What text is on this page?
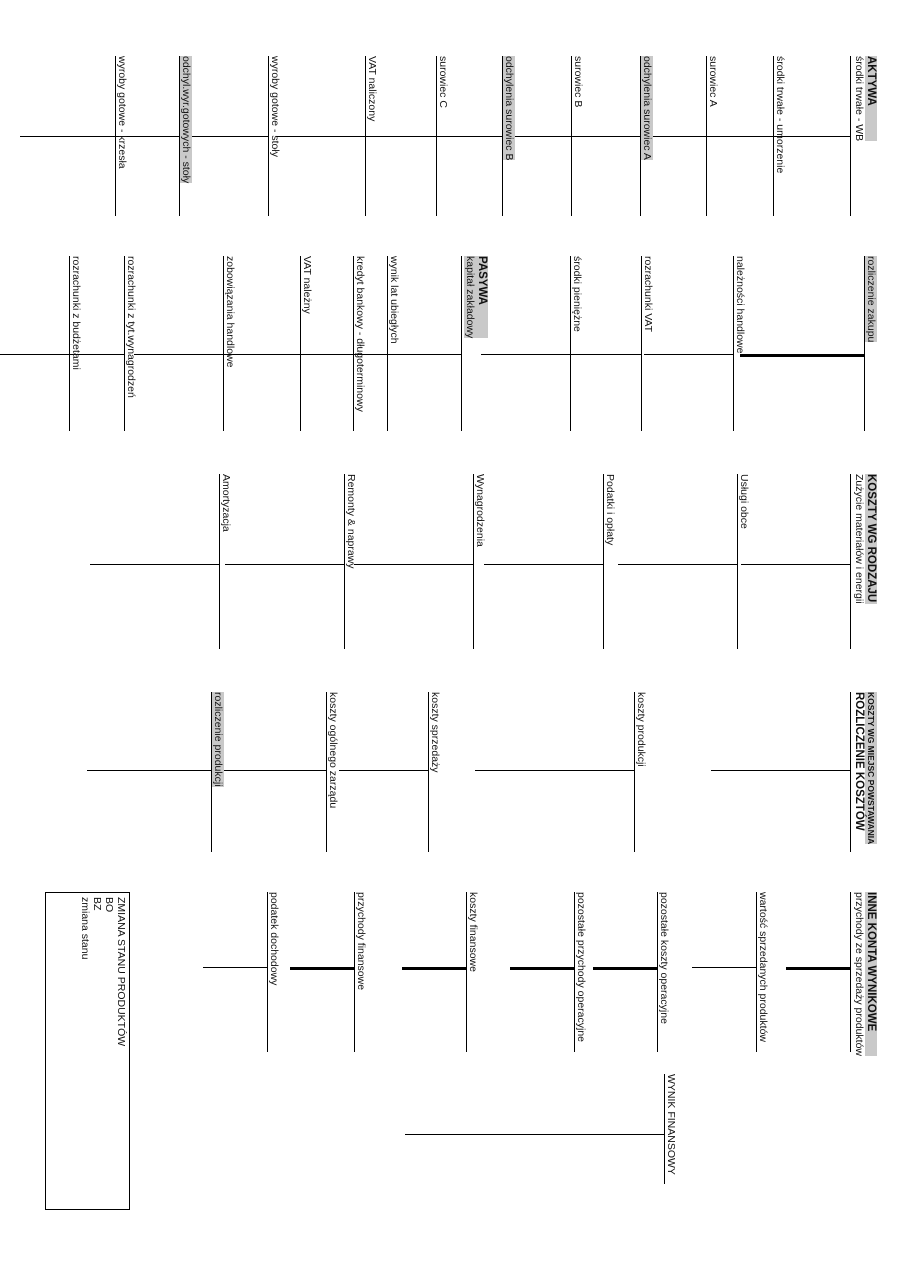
AKTYWA
środki trwałe - WB
środki trwałe - umorzenie
surowiec A
odchylenia surowiec A
surowiec B
odchylenia surowiec B
surowiec C
VAT naliczony
wyroby gotowe - stoły
odchyl.wyr.gotowych - stoły
wyroby gotowe - krzesła
rozliczenie zakupu
należności handlowe
rozrachunki VAT
środki pieniężne
PASYWA
kapitał zakładowy
wynik lat ubiegłych
kredyt bankowy - długoterminowy
VAT należny
zobowiązania handlowe
rozrachunki z tyt.wynagrodzeń
rozrachunki z budżetami
KOSZTY WG RODZAJU
Zużycie materiałów i energii
Usługi obce
Podatki i opłaty
Wynagrodzenia
Remonty & naprawy
Amortyzacja
KOSZTY WG MIEJSC POWSTAWANIA
ROZLICZENIE KOSZTÓW
koszty produkcji
koszty sprzedaży
koszty ogólnego zarządu
rozliczenie produkcji
INNE KONTA WYNIKOWE
przychody ze sprzedaży produktów
wartość sprzedanych produktów
pozostałe koszty operacyjne
pozostałe przychody operacyjne
koszty finansowe
przychody finansowe
podatek dochodowy
WYNIK FINANSOWY
ZMIANA STANU PRODUKTÓW
BO
BZ
zmiana stanu
